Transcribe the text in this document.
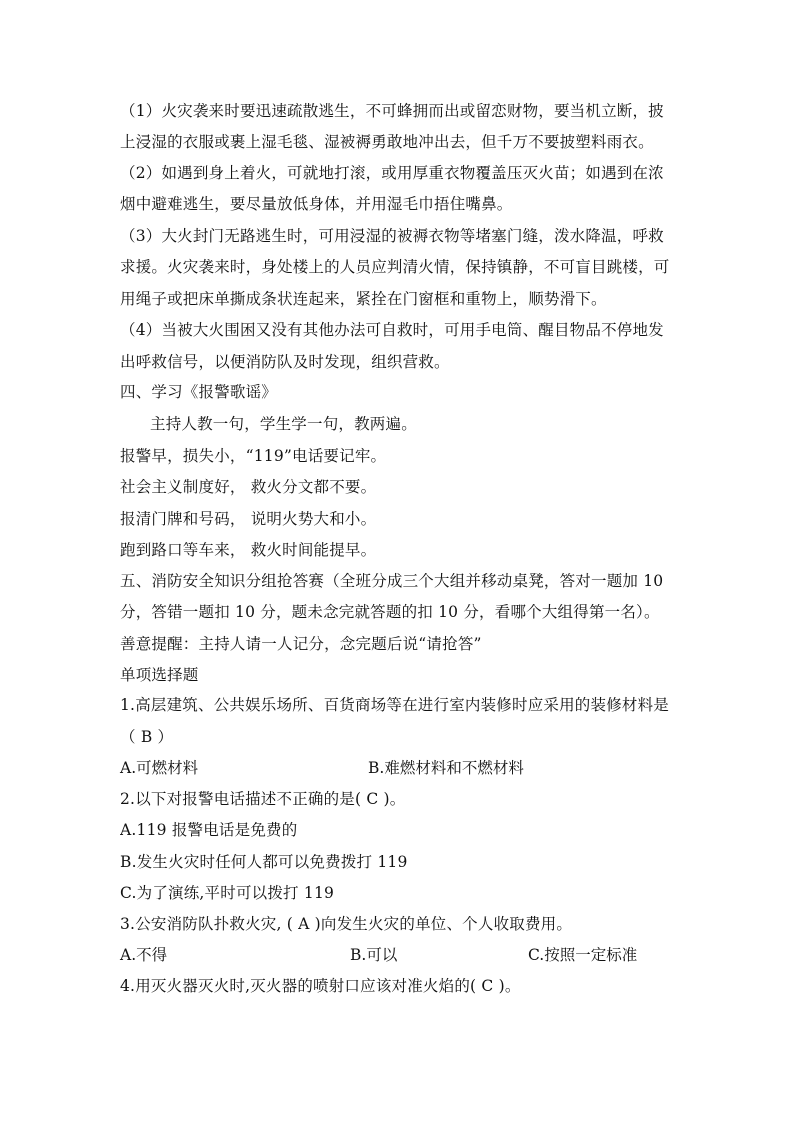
（1）火灾袭来时要迅速疏散逃生，不可蜂拥而出或留恋财物，要当机立断，披
上浸湿的衣服或裹上湿毛毯、湿被褥勇敢地冲出去，但千万不要披塑料雨衣。
（2）如遇到身上着火，可就地打滚，或用厚重衣物覆盖压灭火苗；如遇到在浓
烟中避难逃生，要尽量放低身体，并用湿毛巾捂住嘴鼻。
（3）大火封门无路逃生时，可用浸湿的被褥衣物等堵塞门缝，泼水降温，呼救
求援。火灾袭来时，身处楼上的人员应判清火情，保持镇静，不可盲目跳楼，可
用绳子或把床单撕成条状连起来，紧拴在门窗框和重物上，顺势滑下。
（4）当被大火围困又没有其他办法可自救时，可用手电筒、醒目物品不停地发
出呼救信号，以便消防队及时发现，组织营救。
四、学习《报警歌谣》
主持人教一句，学生学一句，教两遍。
报警早，损失小，“119”电话要记牢。
社会主义制度好， 救火分文都不要。
报清门牌和号码， 说明火势大和小。
跑到路口等车来， 救火时间能提早。
五、消防安全知识分组抢答赛（全班分成三个大组并移动桌凳，答对一题加 10
分，答错一题扣 10 分，题未念完就答题的扣 10 分，看哪个大组得第一名）。
善意提醒：主持人请一人记分，念完题后说“请抢答”
单项选择题
1.高层建筑、公共娱乐场所、百货商场等在进行室内装修时应采用的装修材料是
（ B ）
A.可燃材料	B.难燃材料和不燃材料
2.以下对报警电话描述不正确的是( C )。
A.119 报警电话是免费的
B.发生火灾时任何人都可以免费拨打 119
C.为了演练,平时可以拨打 119
3.公安消防队扑救火灾, ( A )向发生火灾的单位、个人收取费用。
A.不得	B.可以	C.按照一定标准
4.用灭火器灭火时,灭火器的喷射口应该对准火焰的( C )。
